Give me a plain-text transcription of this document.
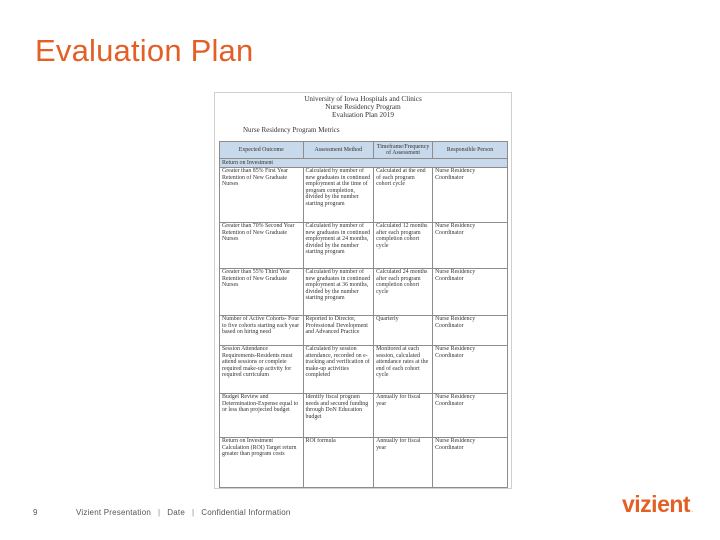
Evaluation Plan
University of Iowa Hospitals and Clinics
Nurse Residency Program
Evaluation Plan 2019
Nurse Residency Program Metrics
Expected Outcome	Assessment Method	Timeframe/Frequency of Assessment	Responsible Person
Return on Investment			
Greater than 85% First Year Retention of New Graduate Nurses	Calculated by number of new graduates in continued employment at the time of program completion, divided by the number starting program	Calculated at the end of each program cohort cycle	Nurse Residency Coordinator
Greater than 70% Second Year Retention of New Graduate Nurses	Calculated by number of new graduates in continued employment at 24 months, divided by the number starting program	Calculated 12 months after each program completion cohort cycle	Nurse Residency Coordinator
Greater than 55% Third Year Retention of New Graduate Nurses	Calculated by number of new graduates in continued employment at 36 months, divided by the number starting program	Calculated 24 months after each program completion cohort cycle	Nurse Residency Coordinator
Number of Active Cohorts- Four to five cohorts starting each year based on hiring need	Reported to Director, Professional Development and Advanced Practice	Quarterly	Nurse Residency Coordinator
Session Attendance Requirements-Residents must attend sessions or complete required make-up activity for required curriculum	Calculated by session attendance, recorded on e-tracking and verification of make-up activities completed	Monitored at each session, calculated attendance rates at the end of each cohort cycle	Nurse Residency Coordinator
Budget Review and Determination-Expense equal to or less than projected budget	Identify fiscal program needs and secured funding through DoN Education budget	Annually for fiscal year	Nurse Residency Coordinator
Return on Investment Calculation (ROI) Target return greater than program costs	ROI formula	Annually for fiscal year	Nurse Residency Coordinator
9	Vizient Presentation | Date | Confidential Information	vizient.
